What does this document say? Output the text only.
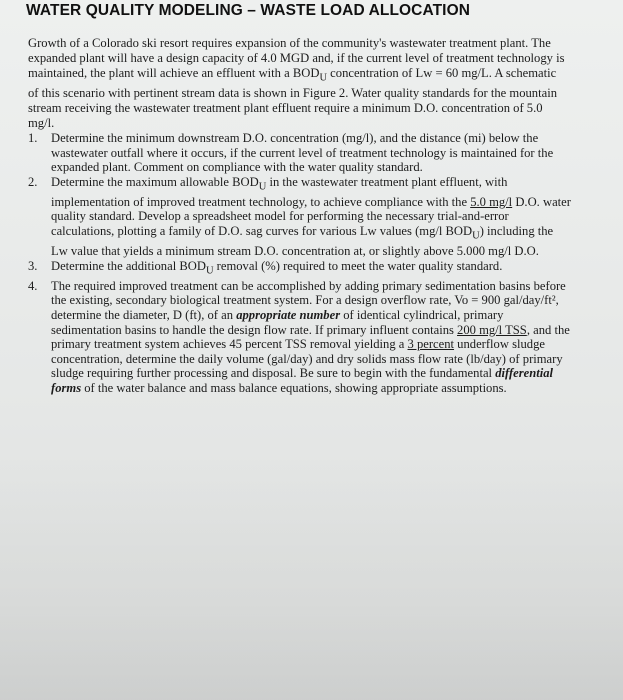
WATER QUALITY MODELING – WASTE LOAD ALLOCATION
Growth of a Colorado ski resort requires expansion of the community's wastewater treatment plant. The expanded plant will have a design capacity of 4.0 MGD and, if the current level of treatment technology is maintained, the plant will achieve an effluent with a $BOD_U$ concentration of Lw = 60 mg/L. A schematic of this scenario with pertinent stream data is shown in Figure 2. Water quality standards for the mountain stream receiving the wastewater treatment plant effluent require a minimum D.O. concentration of 5.0 mg/l.
1. Determine the minimum downstream D.O. concentration (mg/l), and the distance (mi) below the wastewater outfall where it occurs, if the current level of treatment technology is maintained for the expanded plant. Comment on compliance with the water quality standard.
2. Determine the maximum allowable $BOD_U$ in the wastewater treatment plant effluent, with implementation of improved treatment technology, to achieve compliance with the 5.0 mg/l D.O. water quality standard. Develop a spreadsheet model for performing the necessary trial-and-error calculations, plotting a family of D.O. sag curves for various Lw values (mg/l $BOD_U$) including the Lw value that yields a minimum stream D.O. concentration at, or slightly above 5.000 mg/l D.O.
3. Determine the additional $BOD_U$ removal (%) required to meet the water quality standard.
4. The required improved treatment can be accomplished by adding primary sedimentation basins before the existing, secondary biological treatment system. For a design overflow rate, Vo = 900 gal/day/ft², determine the diameter, D (ft), of an appropriate number of identical cylindrical, primary sedimentation basins to handle the design flow rate. If primary influent contains 200 mg/l TSS, and the primary treatment system achieves 45 percent TSS removal yielding a 3 percent underflow sludge concentration, determine the daily volume (gal/day) and dry solids mass flow rate (lb/day) of primary sludge requiring further processing and disposal. Be sure to begin with the fundamental differential forms of the water balance and mass balance equations, showing appropriate assumptions.
